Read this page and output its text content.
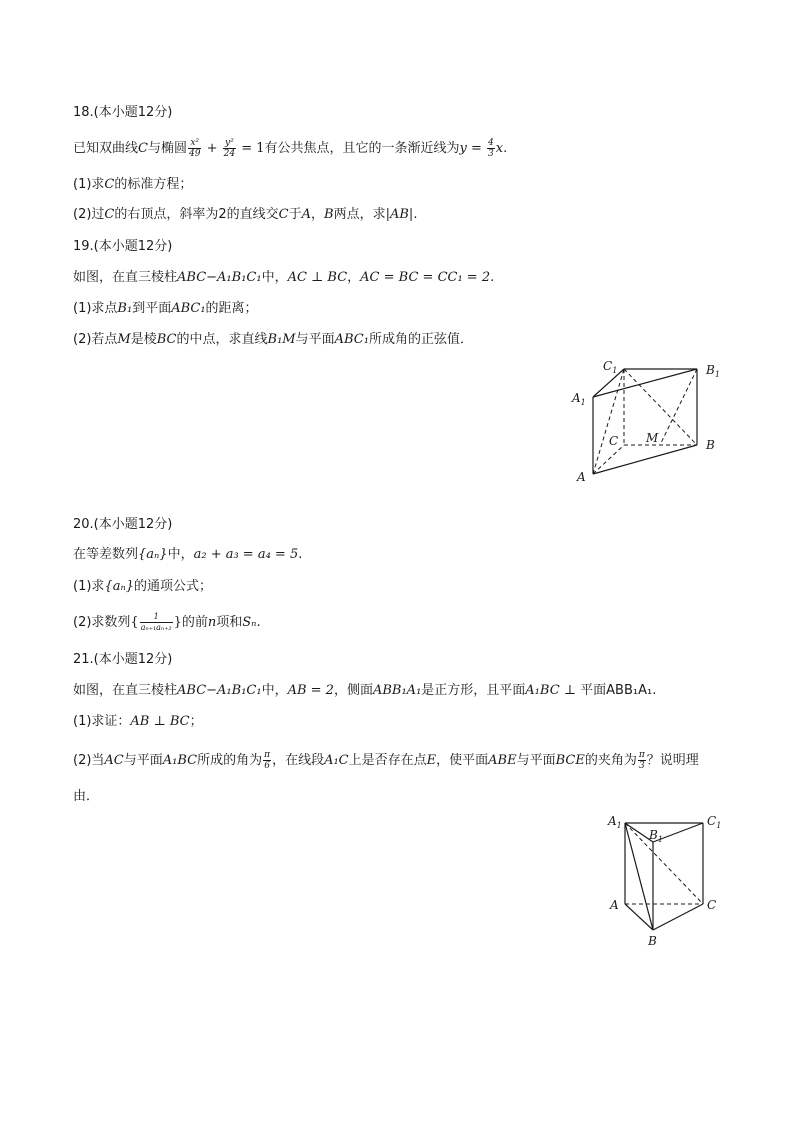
18.(本小题12分)
已知双曲线C与椭圆 $\frac{\text{x²}}{49} + \frac{\text{y²}}{24} = 1$有公共焦点，且它的一条渐近线为$y = \frac{4}{3} x$.
(1)求C的标准方程；
(2)过C的右顶点，斜率为2的直线交C于A，B两点，求|AB|.
19.(本小题12分)
如图，在直三棱柱ABC−A₁B₁C₁中，AC ⊥ BC，AC = BC = CC₁ = 2.
(1)求点B₁到平面ABC₁的距离；
(2)若点M是棱BC的中点，求直线B₁M与平面ABC₁所成角的正弦值．
$C_1$	$B_1$
$A_1$
C M	B
A
20.(本小题12分)
在等差数列{aₙ}中，a₂ + a₃ = a₄ = 5.
(1)求{aₙ}的通项公式；
(2)求数列{ $\frac{1}{\text{aₙ₊₁aₙ₊₂}}$ }的前n项和Sₙ.
21.(本小题12分)
如图，在直三棱柱ABC−A₁B₁C₁中，AB = 2，侧面ABB₁A₁是正方形，且平面A₁BC ⊥ 平面ABB₁A₁.
(1)求证：AB ⊥ BC；
(2)当AC与平面A₁BC所成的角为 $\frac{\pi}{6}$ ，在线段A₁C上是否存在点E，使平面ABE与平面BCE的夹角为 $\frac{\pi}{3}$ ？说明理
由．
$A_1$
$B_1$
$C_1$
A	C
B
